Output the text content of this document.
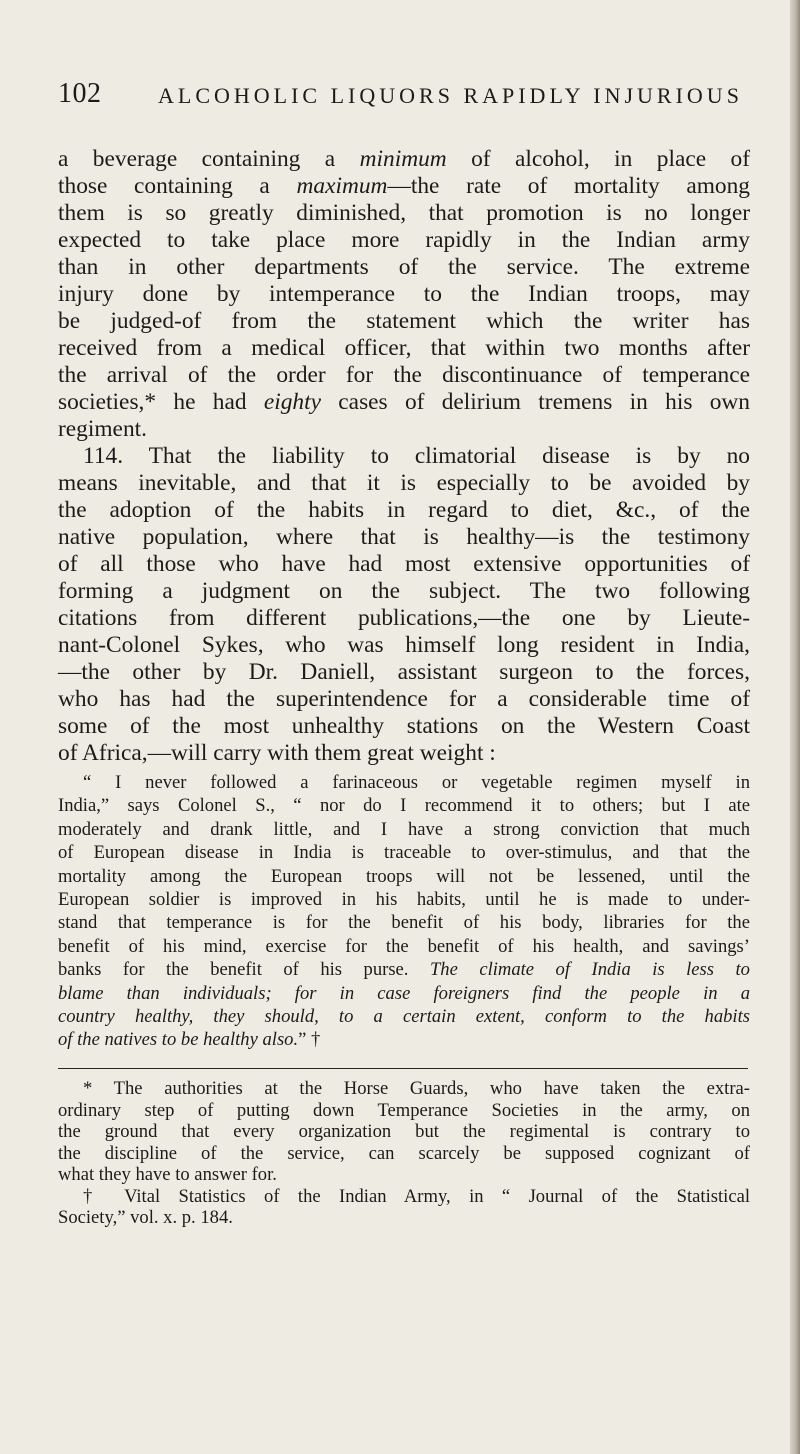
102	ALCOHOLIC LIQUORS RAPIDLY INJURIOUS
a beverage containing a minimum of alcohol, in place of
those containing a maximum—the rate of mortality among
them is so greatly diminished, that promotion is no longer
expected to take place more rapidly in the Indian army
than in other departments of the service. The extreme
injury done by intemperance to the Indian troops, may
be judged-of from the statement which the writer has
received from a medical officer, that within two months after
the arrival of the order for the discontinuance of temperance
societies,* he had eighty cases of delirium tremens in his own
regiment.
114. That the liability to climatorial disease is by no
means inevitable, and that it is especially to be avoided by
the adoption of the habits in regard to diet, &c., of the
native population, where that is healthy—is the testimony
of all those who have had most extensive opportunities of
forming a judgment on the subject. The two following
citations from different publications,—the one by Lieute-
nant-Colonel Sykes, who was himself long resident in India,
—the other by Dr. Daniell, assistant surgeon to the forces,
who has had the superintendence for a considerable time of
some of the most unhealthy stations on the Western Coast
of Africa,—will carry with them great weight :
“ I never followed a farinaceous or vegetable regimen myself in
India,” says Colonel S., “ nor do I recommend it to others; but I ate
moderately and drank little, and I have a strong conviction that much
of European disease in India is traceable to over-stimulus, and that the
mortality among the European troops will not be lessened, until the
European soldier is improved in his habits, until he is made to under-
stand that temperance is for the benefit of his body, libraries for the
benefit of his mind, exercise for the benefit of his health, and savings’
banks for the benefit of his purse. The climate of India is less to
blame than individuals; for in case foreigners find the people in a
country healthy, they should, to a certain extent, conform to the habits
of the natives to be healthy also.” †
* The authorities at the Horse Guards, who have taken the extra-
ordinary step of putting down Temperance Societies in the army, on
the ground that every organization but the regimental is contrary to
the discipline of the service, can scarcely be supposed cognizant of
what they have to answer for.
† Vital Statistics of the Indian Army, in “ Journal of the Statistical
Society,” vol. x. p. 184.
